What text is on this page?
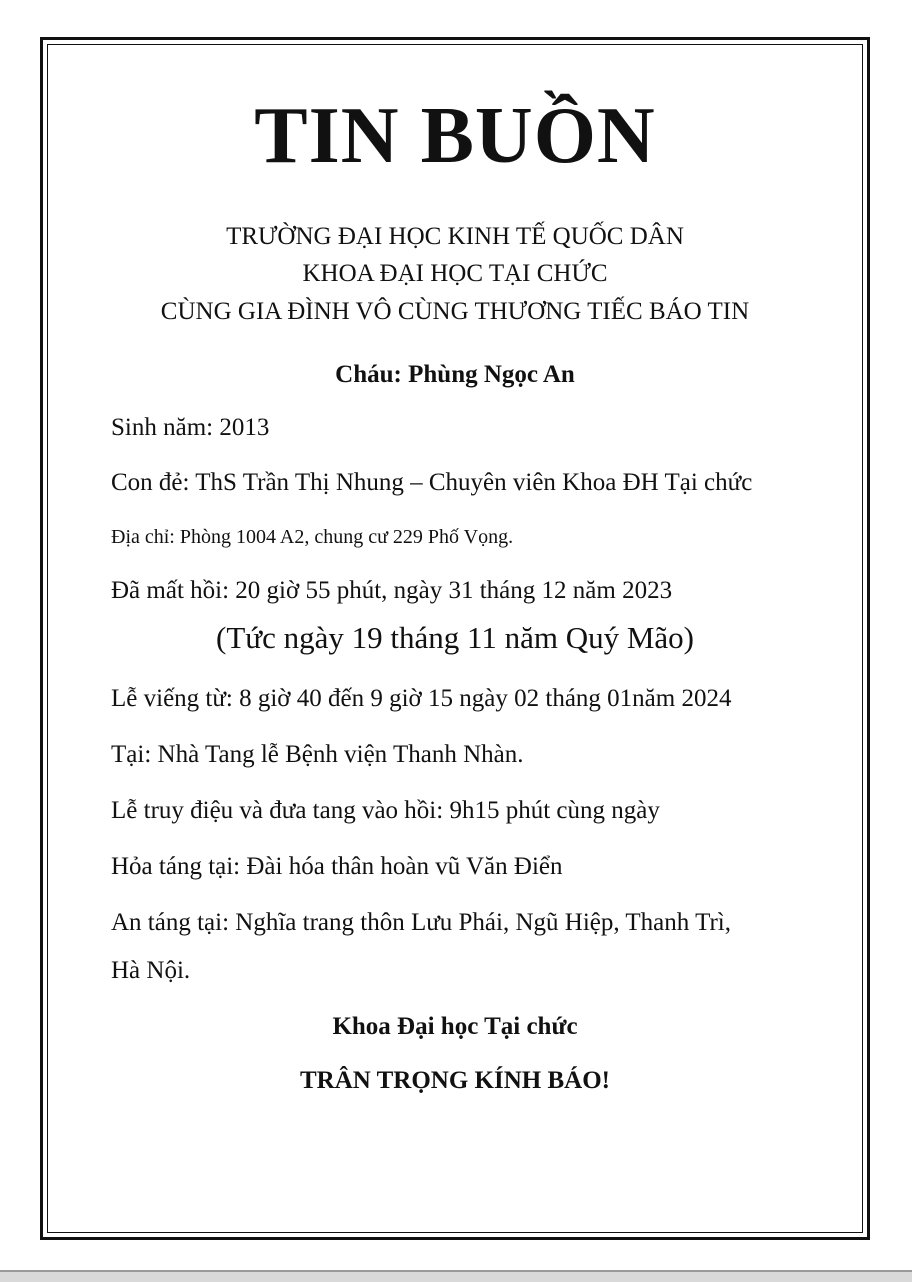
TIN BUỒN

TRƯỜNG ĐẠI HỌC KINH TẾ QUỐC DÂN

KHOA ĐẠI HỌC TẠI CHỨC

CÙNG GIA ĐÌNH VÔ CÙNG THƯƠNG TIẾC BÁO TIN

Cháu: Phùng Ngọc An

Sinh năm: 2013

Con đẻ: ThS Trần Thị Nhung – Chuyên viên Khoa ĐH Tại chức

Địa chỉ: Phòng 1004 A2, chung cư 229 Phố Vọng.

Đã mất hồi: 20 giờ 55 phút, ngày 31 tháng 12 năm 2023

(Tức ngày 19 tháng 11 năm Quý Mão)

Lễ viếng từ: 8 giờ 40 đến 9 giờ 15 ngày 02 tháng 01năm 2024

Tại: Nhà Tang lễ Bệnh viện Thanh Nhàn.

Lễ truy điệu và đưa tang vào hồi: 9h15 phút cùng ngày

Hỏa táng tại: Đài hóa thân hoàn vũ Văn Điển

An táng tại: Nghĩa trang thôn Lưu Phái, Ngũ Hiệp, Thanh Trì,

Hà Nội.

Khoa Đại học Tại chức

TRÂN TRỌNG KÍNH BÁO!
